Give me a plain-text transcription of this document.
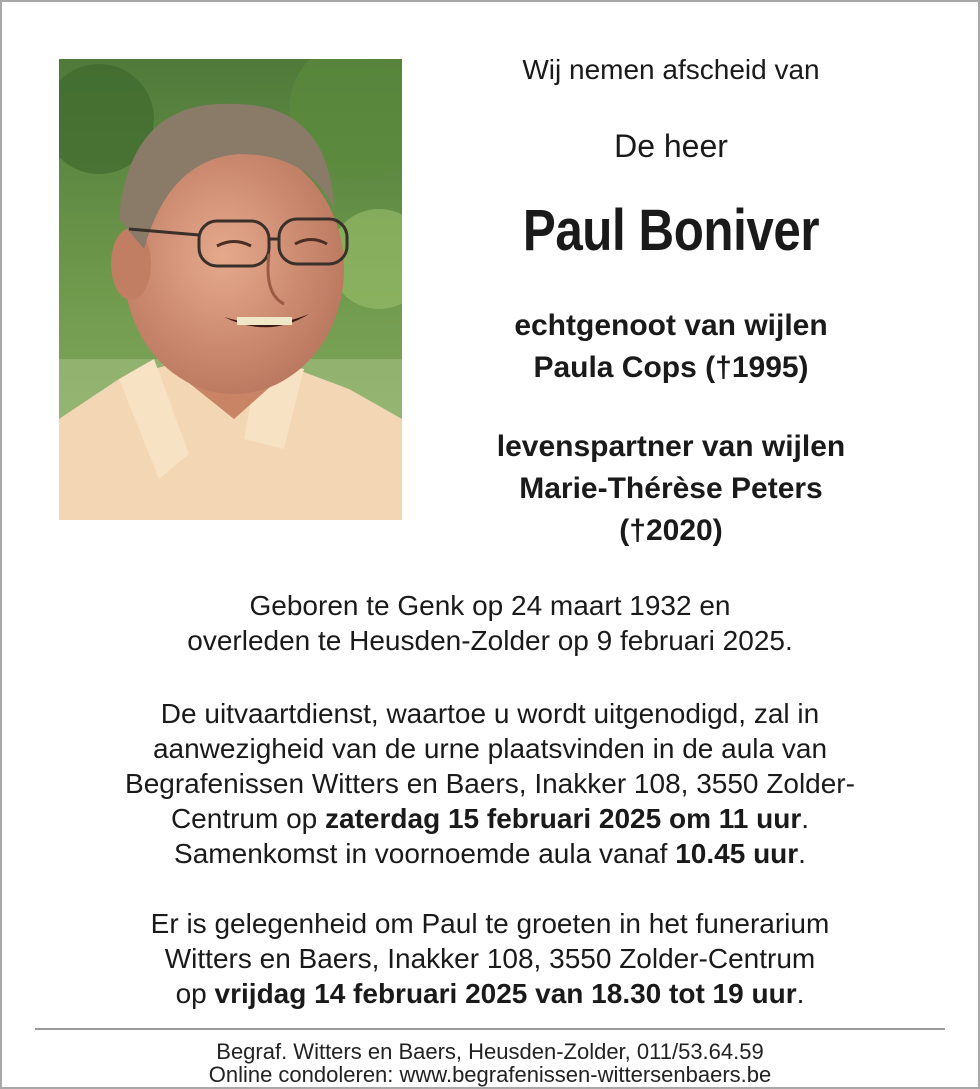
Wij nemen afscheid van
De heer
Paul Boniver
echtgenoot van wijlen
Paula Cops (†1995)
levenspartner van wijlen
Marie-Thérèse Peters
(†2020)
Geboren te Genk op 24 maart 1932 en
overleden te Heusden-Zolder op 9 februari 2025.
De uitvaartdienst, waartoe u wordt uitgenodigd, zal in
aanwezigheid van de urne plaatsvinden in de aula van
Begrafenissen Witters en Baers, Inakker 108, 3550 Zolder-
Centrum op zaterdag 15 februari 2025 om 11 uur.
Samenkomst in voornoemde aula vanaf 10.45 uur.
Er is gelegenheid om Paul te groeten in het funerarium
Witters en Baers, Inakker 108, 3550 Zolder-Centrum
op vrijdag 14 februari 2025 van 18.30 tot 19 uur.
Begraf. Witters en Baers, Heusden-Zolder, 011/53.64.59
Online condoleren: www.begrafenissen-wittersenbaers.be
